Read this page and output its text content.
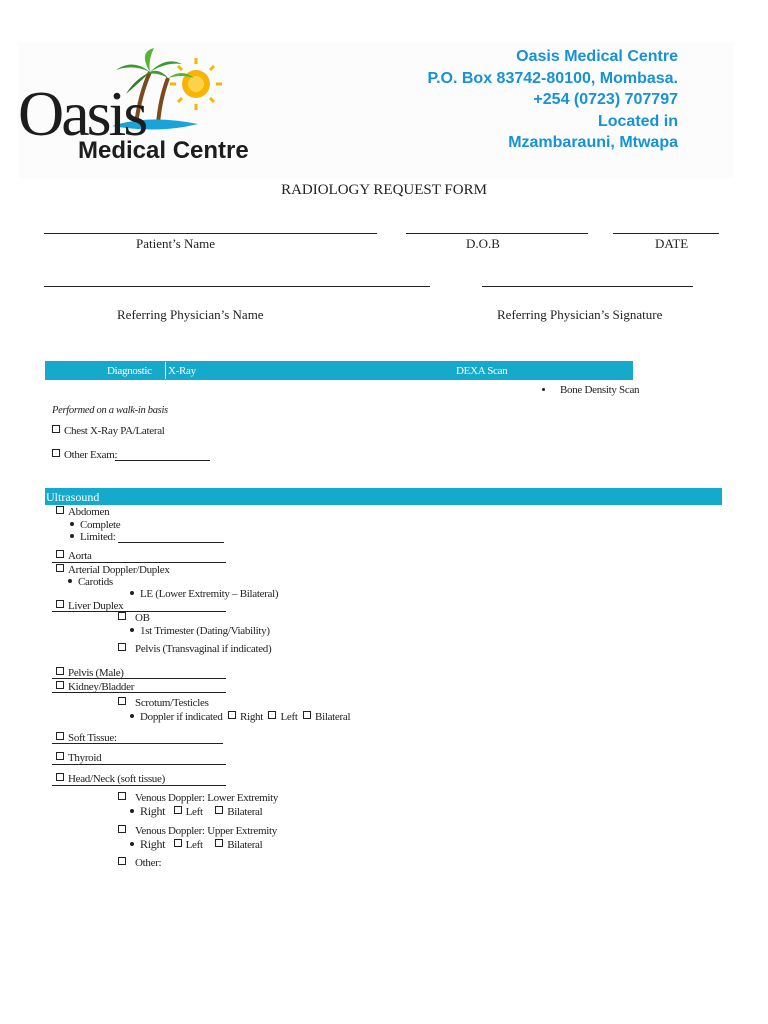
Oasis
Medical Centre
Oasis Medical Centre
P.O. Box 83742-80100, Mombasa.
+254 (0723) 707797
Located in
Mzambarauni, Mtwapa
RADIOLOGY REQUEST FORM
Patient’s Name	D.O.B	DATE
Referring Physician’s Name	Referring Physician’s Signature
Diagnostic X-Ray	DEXA Scan
Bone Density Scan
Performed on a walk-in basis
Chest X-Ray PA/Lateral
Other Exam:
Ultrasound
Abdomen
Complete
Limited:
Aorta
Arterial Doppler/Duplex
Carotids
LE (Lower Extremity – Bilateral)
Liver Duplex
OB
1st Trimester (Dating/Viability)
Pelvis (Transvaginal if indicated)
Pelvis (Male)
Kidney/Bladder
Scrotum/Testicles
Doppler if indicated Right Left Bilateral
Soft Tissue:
Thyroid
Head/Neck (soft tissue)
Venous Doppler: Lower Extremity
Right Left Bilateral
Venous Doppler: Upper Extremity
Right Left Bilateral
Other:
